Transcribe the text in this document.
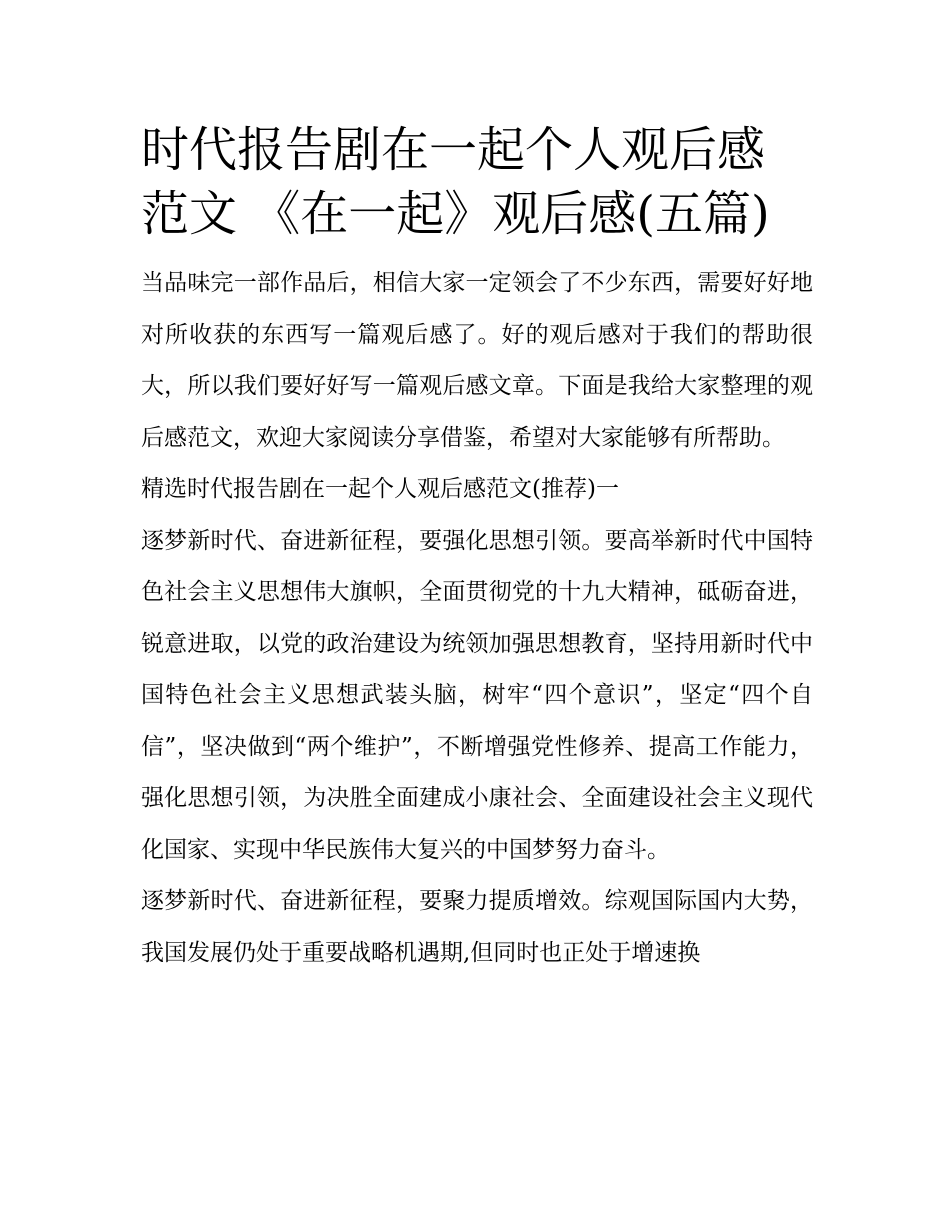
时代报告剧在一起个人观后感
范文 《在一起》观后感(五篇)

当品味完一部作品后，相信大家一定领会了不少东西，需要好好地对所收获的东西写一篇观后感了。好的观后感对于我们的帮助很大，所以我们要好好写一篇观后感文章。下面是我给大家整理的观后感范文，欢迎大家阅读分享借鉴，希望对大家能够有所帮助。

精选时代报告剧在一起个人观后感范文(推荐)一

逐梦新时代、奋进新征程，要强化思想引领。要高举新时代中国特色社会主义思想伟大旗帜，全面贯彻党的十九大精神，砥砺奋进，锐意进取，以党的政治建设为统领加强思想教育，坚持用新时代中国特色社会主义思想武装头脑，树牢“四个意识”，坚定“四个自信”，坚决做到“两个维护”，不断增强党性修养、提高工作能力，强化思想引领，为决胜全面建成小康社会、全面建设社会主义现代化国家、实现中华民族伟大复兴的中国梦努力奋斗。

逐梦新时代、奋进新征程，要聚力提质增效。综观国际国内大势，我国发展仍处于重要战略机遇期,但同时也正处于增速换
